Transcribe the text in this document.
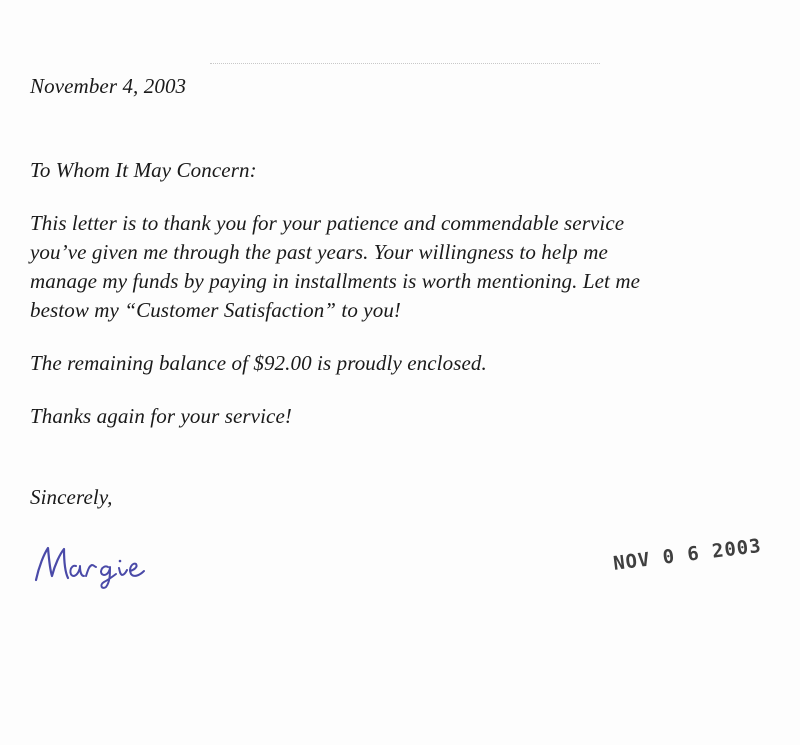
November 4, 2003
To Whom It May Concern:
This letter is to thank you for your patience and commendable service
you’ve given me through the past years. Your willingness to help me
manage my funds by paying in installments is worth mentioning. Let me
bestow my “Customer Satisfaction” to you!
The remaining balance of $92.00 is proudly enclosed.
Thanks again for your service!
Sincerely,
NOV 0 6 2003
